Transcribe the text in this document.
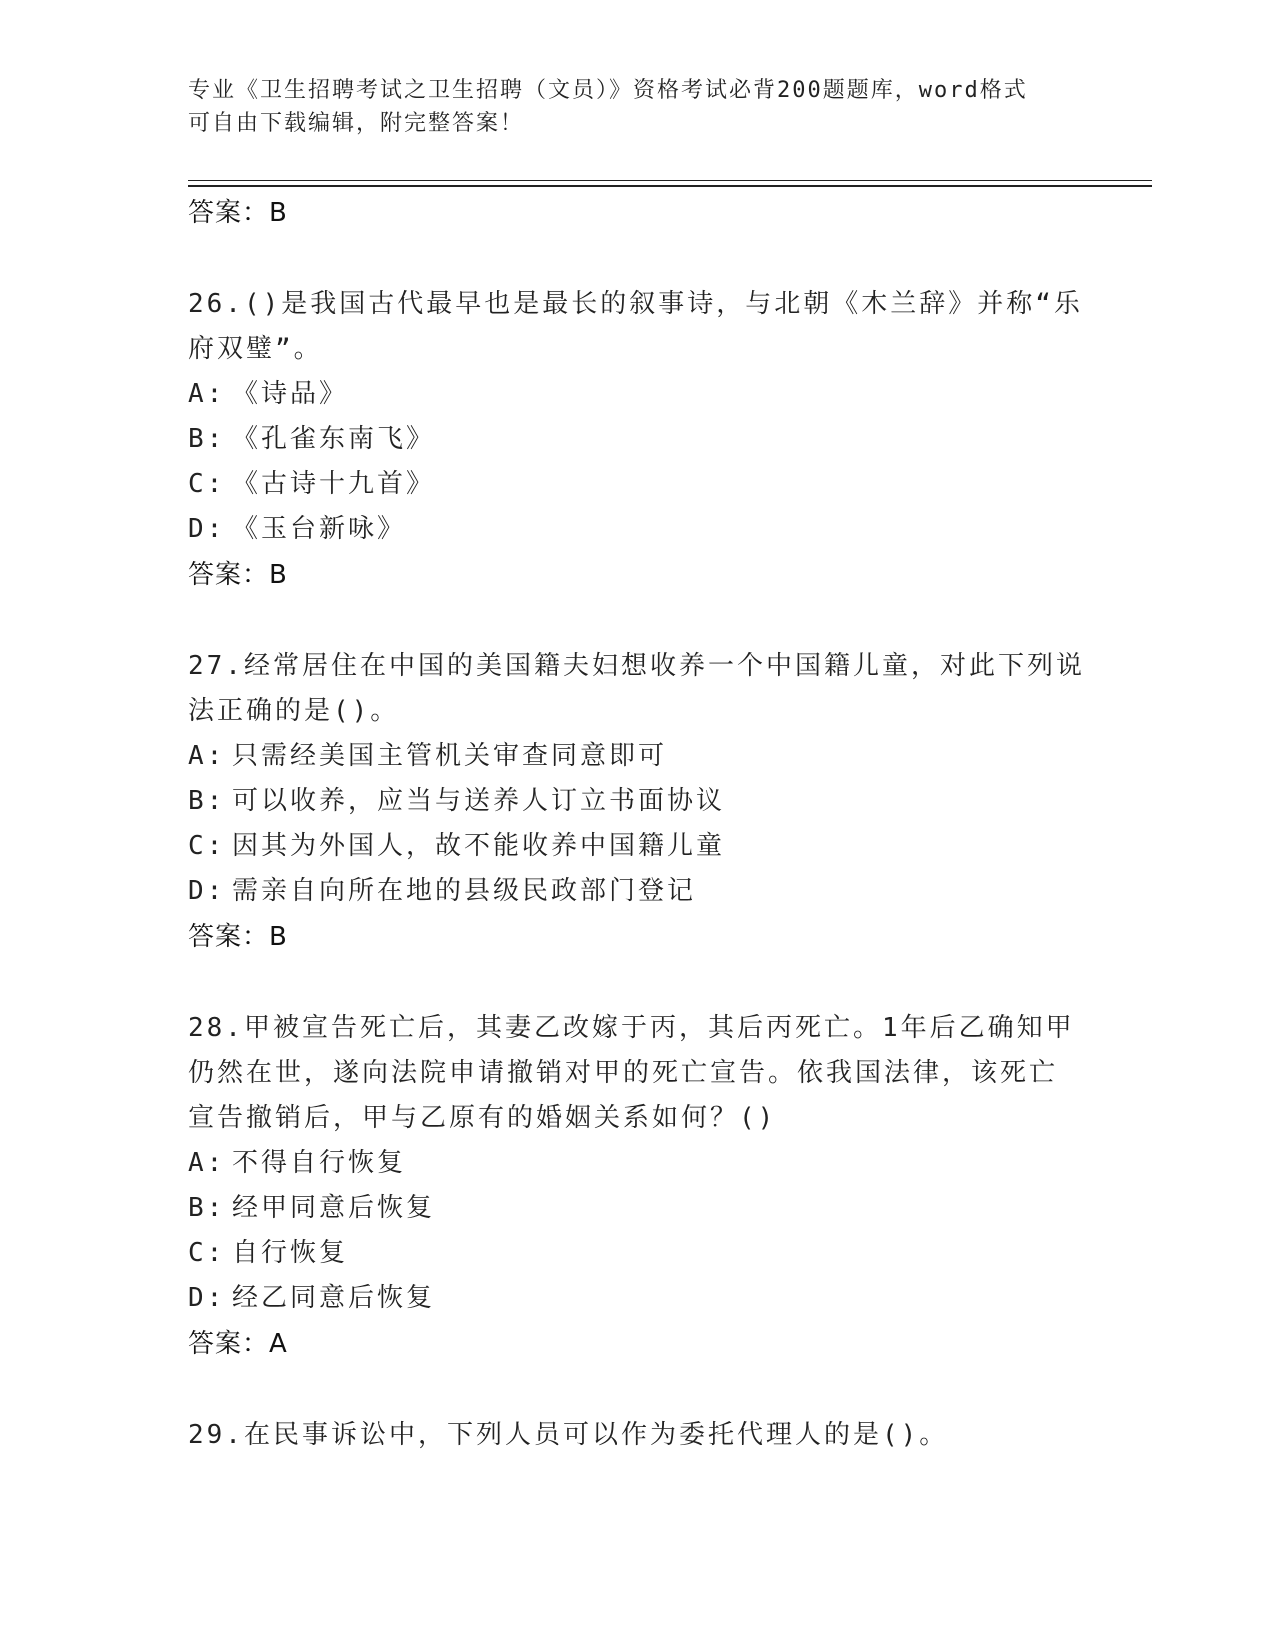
专业《卫生招聘考试之卫生招聘（文员）》资格考试必背200题题库，word格式
可自由下载编辑，附完整答案！
答案：B
26.()是我国古代最早也是最长的叙事诗，与北朝《木兰辞》并称“乐
府双璧”。
A: 《诗品》
B: 《孔雀东南飞》
C: 《古诗十九首》
D: 《玉台新咏》
答案：B
27.经常居住在中国的美国籍夫妇想收养一个中国籍儿童，对此下列说
法正确的是()。
A: 只需经美国主管机关审查同意即可
B: 可以收养，应当与送养人订立书面协议
C: 因其为外国人，故不能收养中国籍儿童
D: 需亲自向所在地的县级民政部门登记
答案：B
28.甲被宣告死亡后，其妻乙改嫁于丙，其后丙死亡。1年后乙确知甲
仍然在世，遂向法院申请撤销对甲的死亡宣告。依我国法律，该死亡
宣告撤销后，甲与乙原有的婚姻关系如何？()
A: 不得自行恢复
B: 经甲同意后恢复
C: 自行恢复
D: 经乙同意后恢复
答案：A
29.在民事诉讼中，下列人员可以作为委托代理人的是()。
